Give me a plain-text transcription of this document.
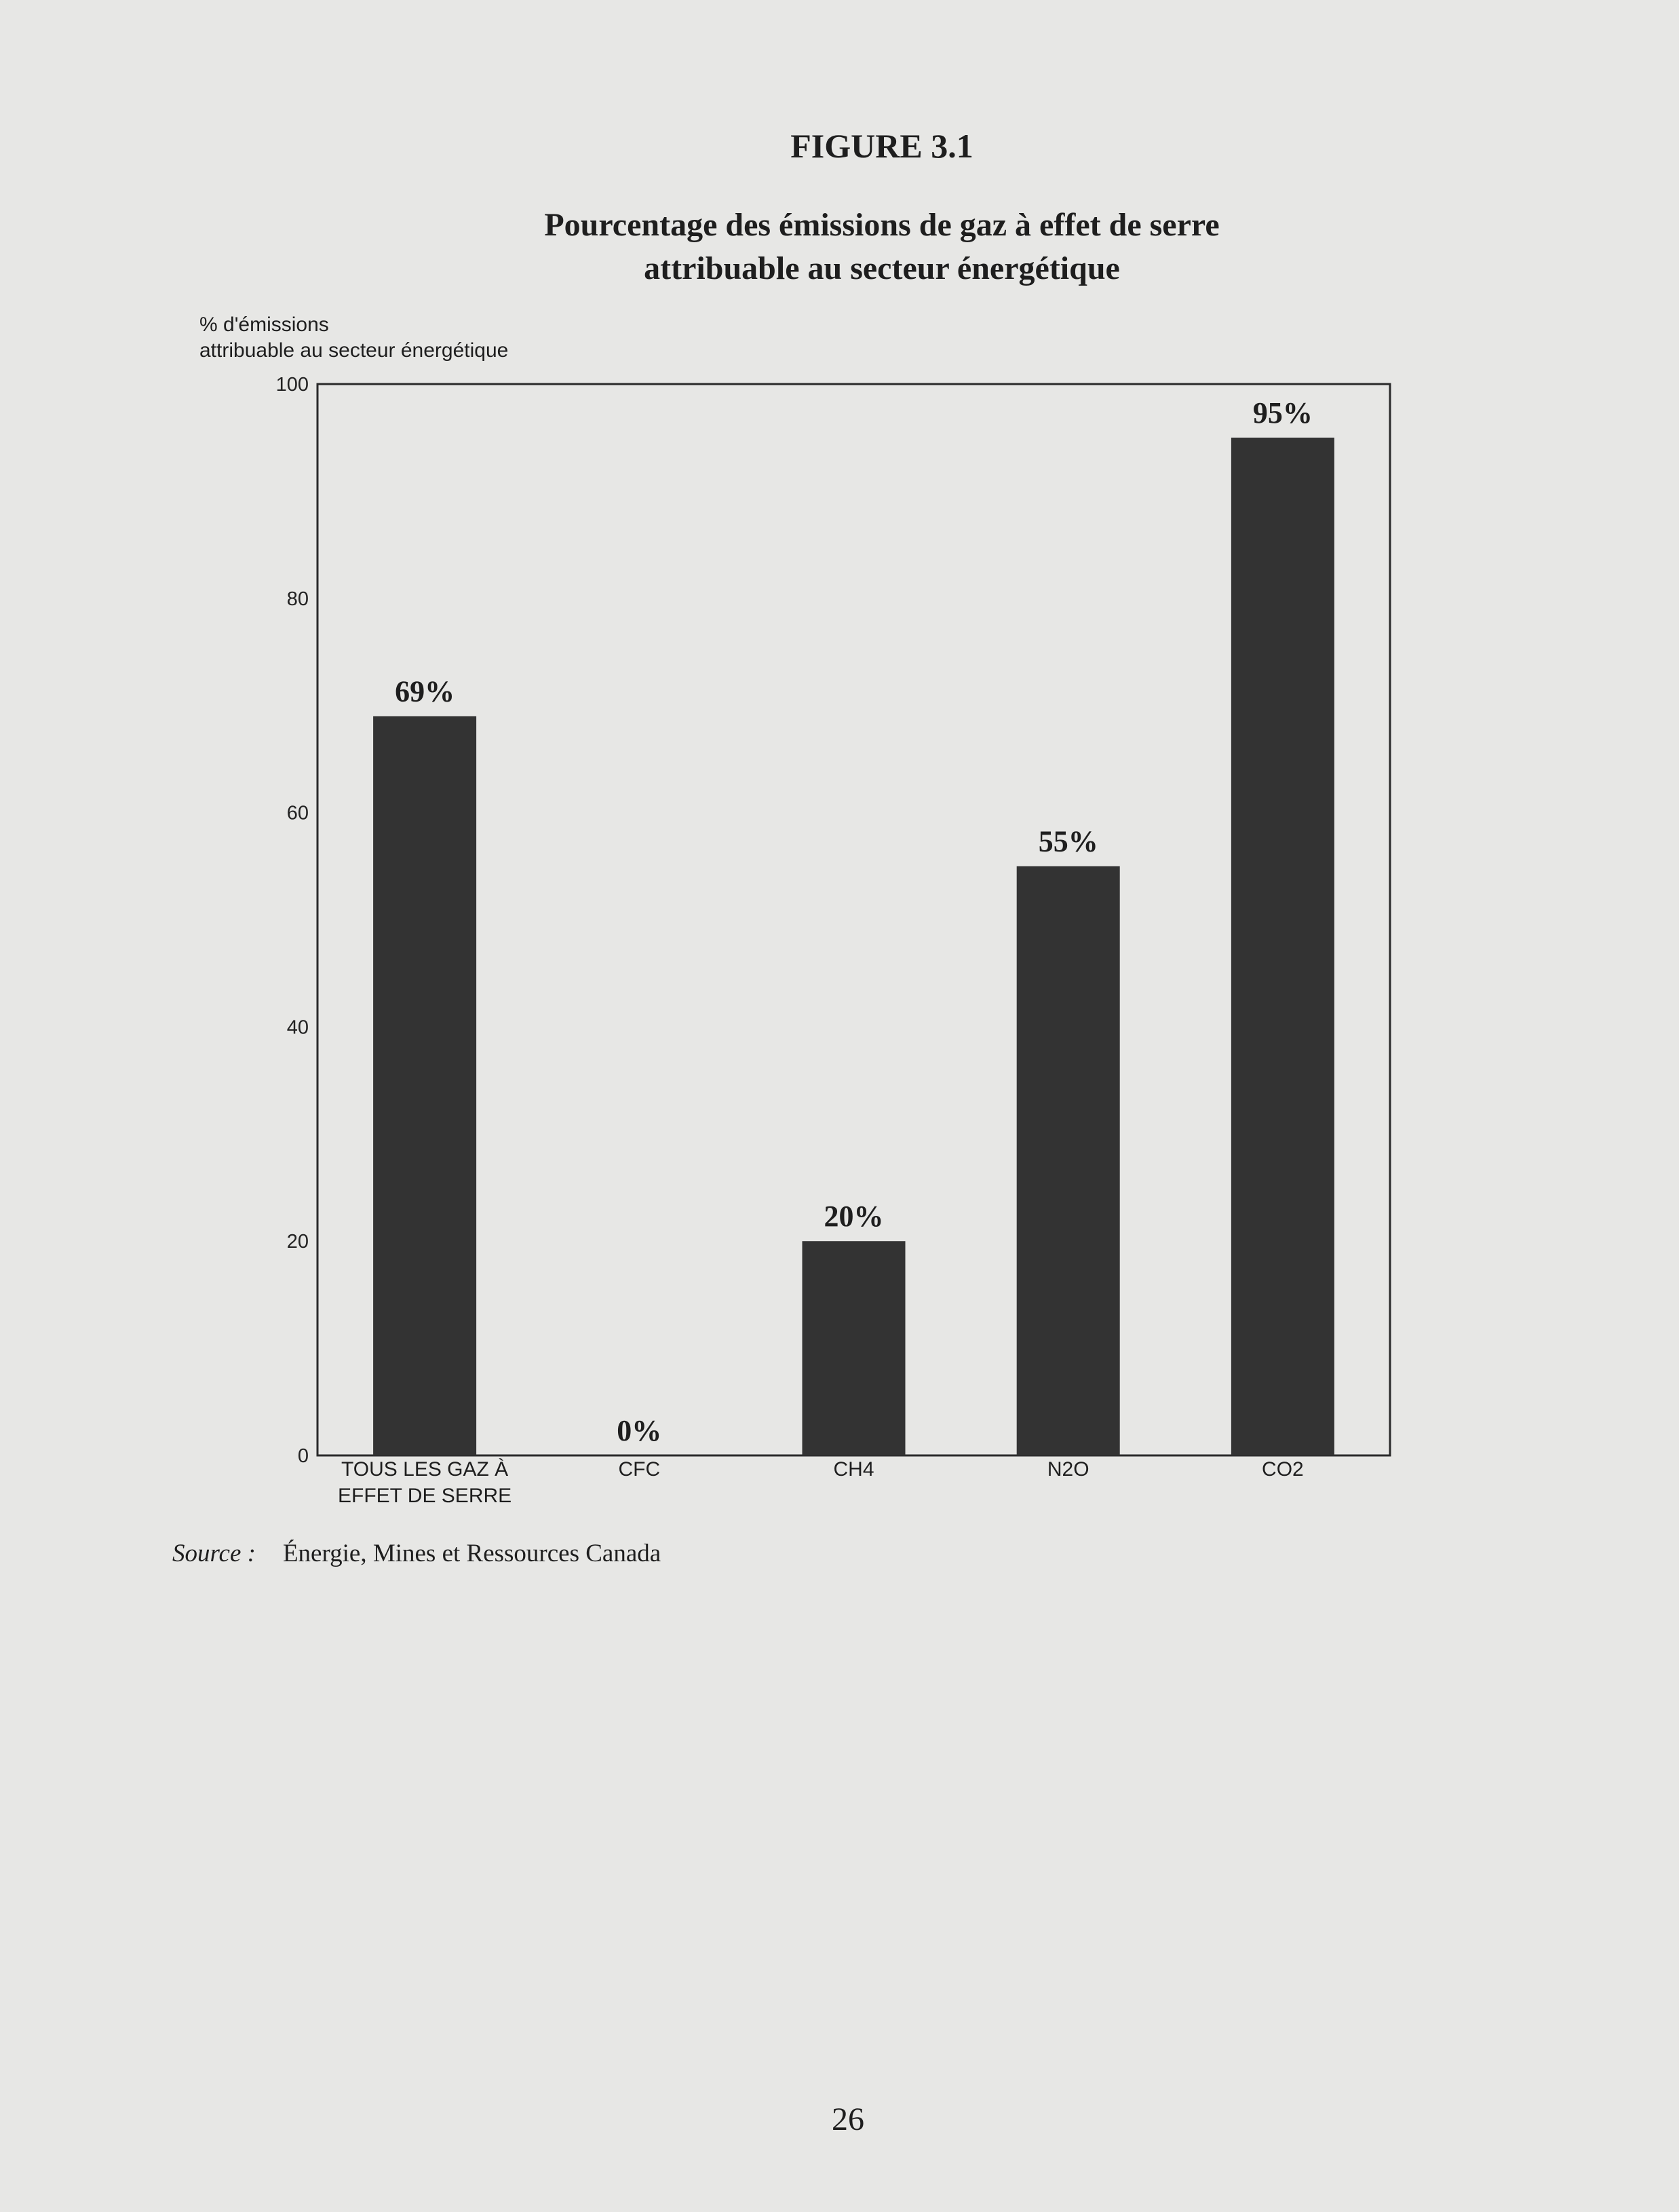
FIGURE 3.1
Pourcentage des émissions de gaz à effet de serre
attribuable au secteur énergétique
% d'émissions
attribuable au secteur énergétique
0
20
40
60
80
100
69%
0%
20%
55%
95%
TOUS LES GAZ À
EFFET DE SERRE
CFC	CH4	N2O	CO2
Source : Énergie, Mines et Ressources Canada
26
